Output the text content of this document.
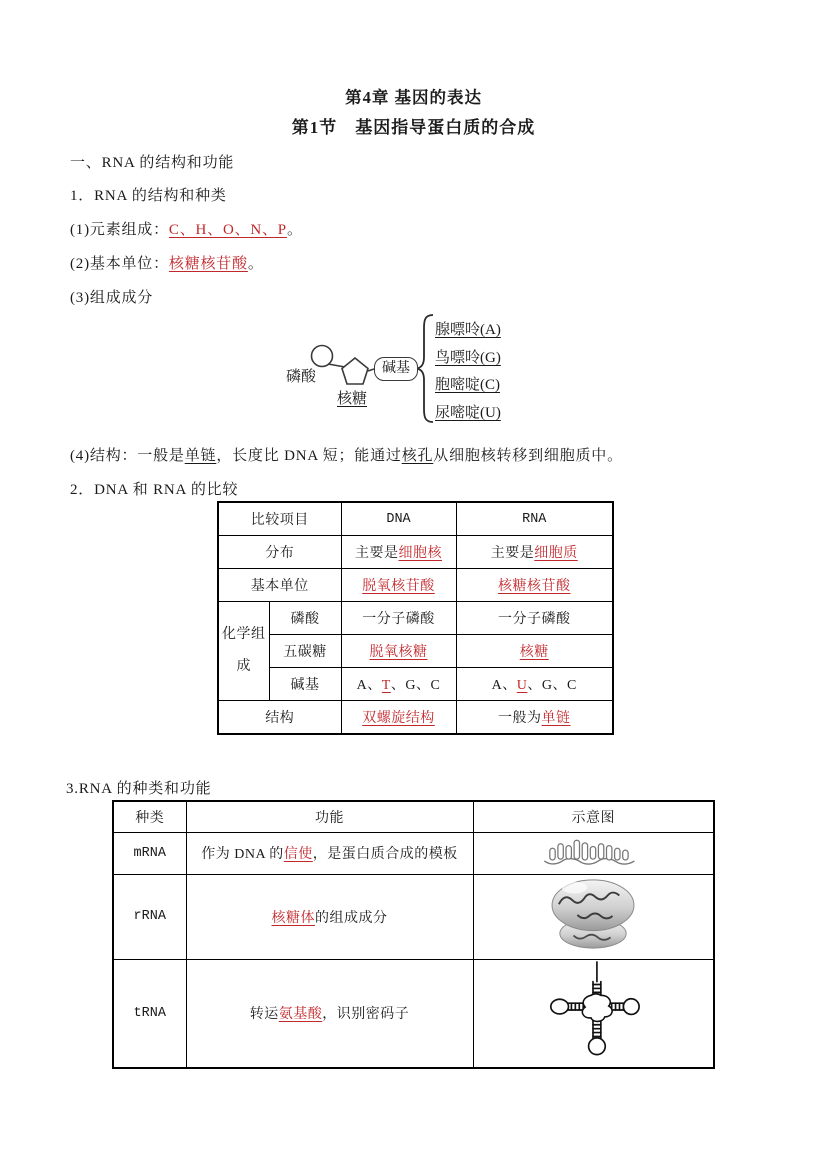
第4章 基因的表达
第1节　基因指导蛋白质的合成
一、RNA 的结构和功能
1．RNA 的结构和种类
(1)元素组成：C、H、O、N、P。
(2)基本单位：核糖核苷酸。
(3)组成成分
磷酸
核糖
碱基
腺嘌呤(A)
鸟嘌呤(G)
胞嘧啶(C)
尿嘧啶(U)
(4)结构：一般是单链，长度比 DNA 短；能通过核孔从细胞核转移到细胞质中。
2．DNA 和 RNA 的比较
比较项目		DNA	RNA
分布		主要是细胞核	主要是细胞质
基本单位		脱氧核苷酸	核糖核苷酸
化学组成	磷酸	一分子磷酸	一分子磷酸
	五碳糖	脱氧核糖	核糖
	碱基	A、T、G、C	A、U、G、C
结构		双螺旋结构	一般为单链
3.RNA 的种类和功能
种类	功能	示意图
mRNA	作为 DNA 的信使，是蛋白质合成的模板	
rRNA	核糖体的组成成分	
tRNA	转运氨基酸，识别密码子	
